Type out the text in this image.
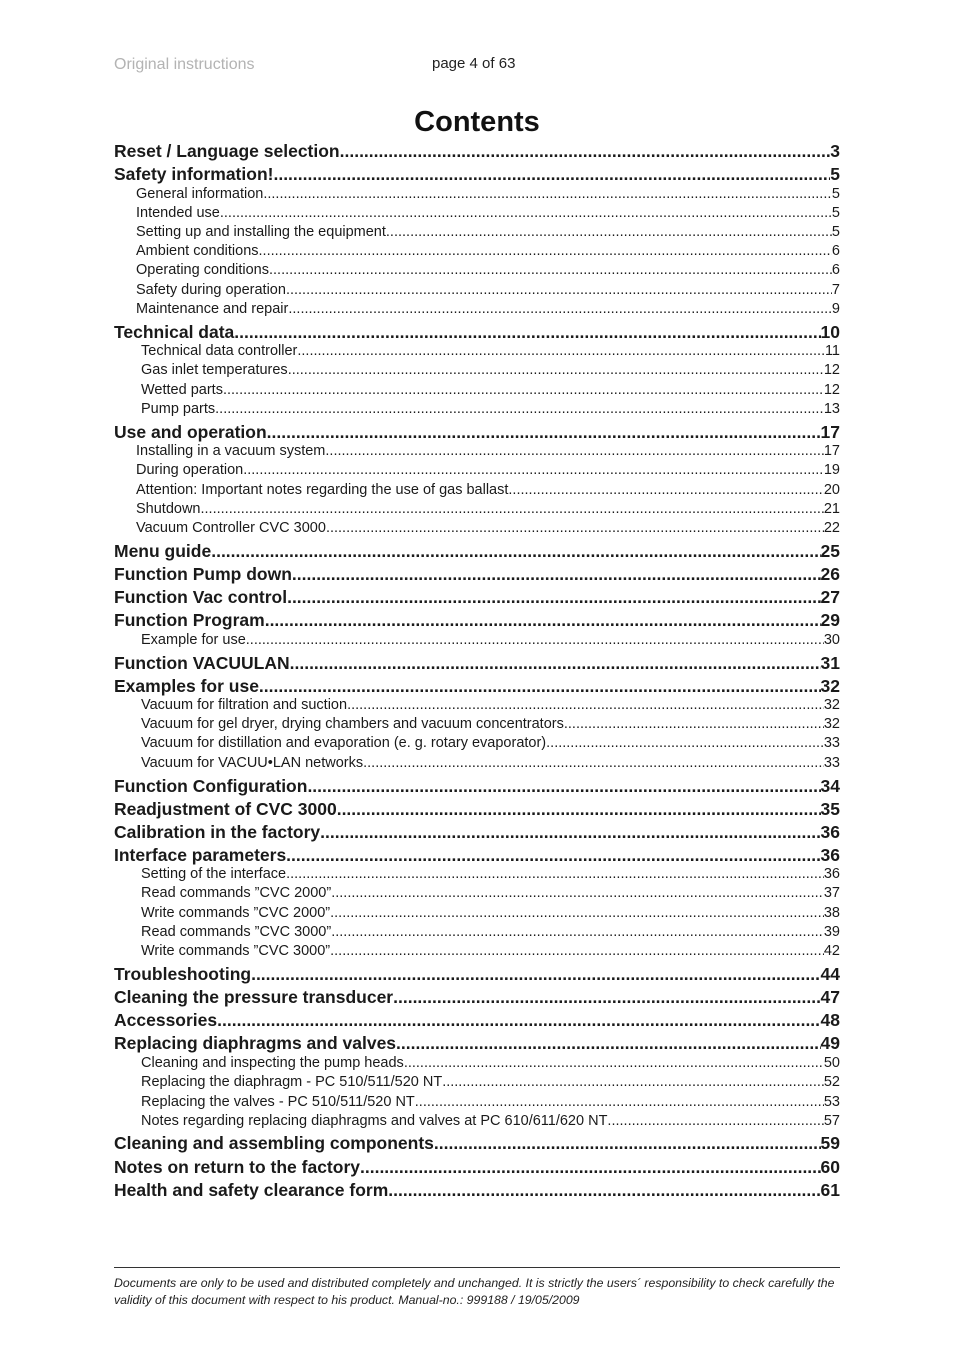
Original instructions	page 4 of 63
Contents
Reset / Language selection .....	3
Safety information! .....	5
General information .....	5
Intended use .....	5
Setting up and installing the equipment .....	5
Ambient conditions .....	6
Operating conditions .....	6
Safety during operation .....	7
Maintenance and repair .....	9
Technical data .....	10
Technical data controller .....	11
Gas inlet temperatures .....	12
Wetted parts .....	12
Pump parts .....	13
Use and operation .....	17
Installing in a vacuum system .....	17
During operation .....	19
Attention: Important notes regarding the use of gas ballast .....	20
Shutdown .....	21
Vacuum Controller CVC 3000 .....	22
Menu guide .....	25
Function Pump down .....	26
Function Vac control .....	27
Function Program .....	29
Example for use .....	30
Function VACUULAN .....	31
Examples for use .....	32
Vacuum for filtration and suction .....	32
Vacuum for gel dryer, drying chambers and vacuum concentrators .....	32
Vacuum for distillation and evaporation (e. g. rotary evaporator) .....	33
Vacuum for VACUU•LAN networks .....	33
Function Configuration .....	34
Readjustment of CVC 3000 .....	35
Calibration in the factory .....	36
Interface parameters .....	36
Setting of the interface .....	36
Read commands ”CVC 2000” .....	37
Write commands ”CVC 2000” .....	38
Read commands ”CVC 3000” .....	39
Write commands ”CVC 3000” .....	42
Troubleshooting .....	44
Cleaning the pressure transducer .....	47
Accessories .....	48
Replacing diaphragms and valves .....	49
Cleaning and inspecting the pump heads .....	50
Replacing the diaphragm - PC 510/511/520 NT .....	52
Replacing the valves - PC 510/511/520 NT .....	53
Notes regarding replacing diaphragms and valves at PC 610/611/620 NT .....	57
Cleaning and assembling components .....	59
Notes on return to the factory .....	60
Health and safety clearance form .....	61
Documents are only to be used and distributed completely and unchanged. It is strictly the users´ responsibility to check carefully the validity of this document with respect to his product. Manual-no.: 999188 / 19/05/2009
